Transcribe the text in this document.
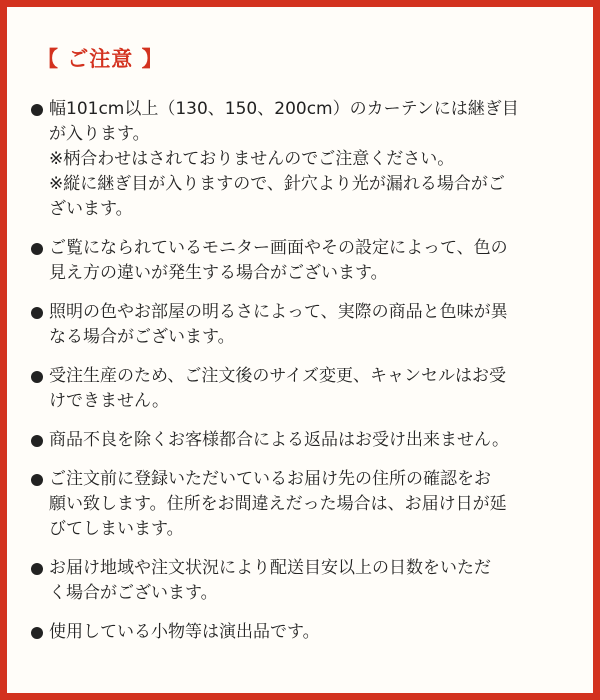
【 ご注意 】
幅101cm以上（130、150、200cm）のカーテンには継ぎ目
が入ります。
※柄合わせはされておりませんのでご注意ください。
※縦に継ぎ目が入りますので、針穴より光が漏れる場合がご
ざいます。
ご覧になられているモニター画面やその設定によって、色の
見え方の違いが発生する場合がございます。
照明の色やお部屋の明るさによって、実際の商品と色味が異
なる場合がございます。
受注生産のため、ご注文後のサイズ変更、キャンセルはお受
けできません。
商品不良を除くお客様都合による返品はお受け出来ません。
ご注文前に登録いただいているお届け先の住所の確認をお
願い致します。住所をお間違えだった場合は、お届け日が延
びてしまいます。
お届け地域や注文状況により配送目安以上の日数をいただ
く場合がございます。
使用している小物等は演出品です。
